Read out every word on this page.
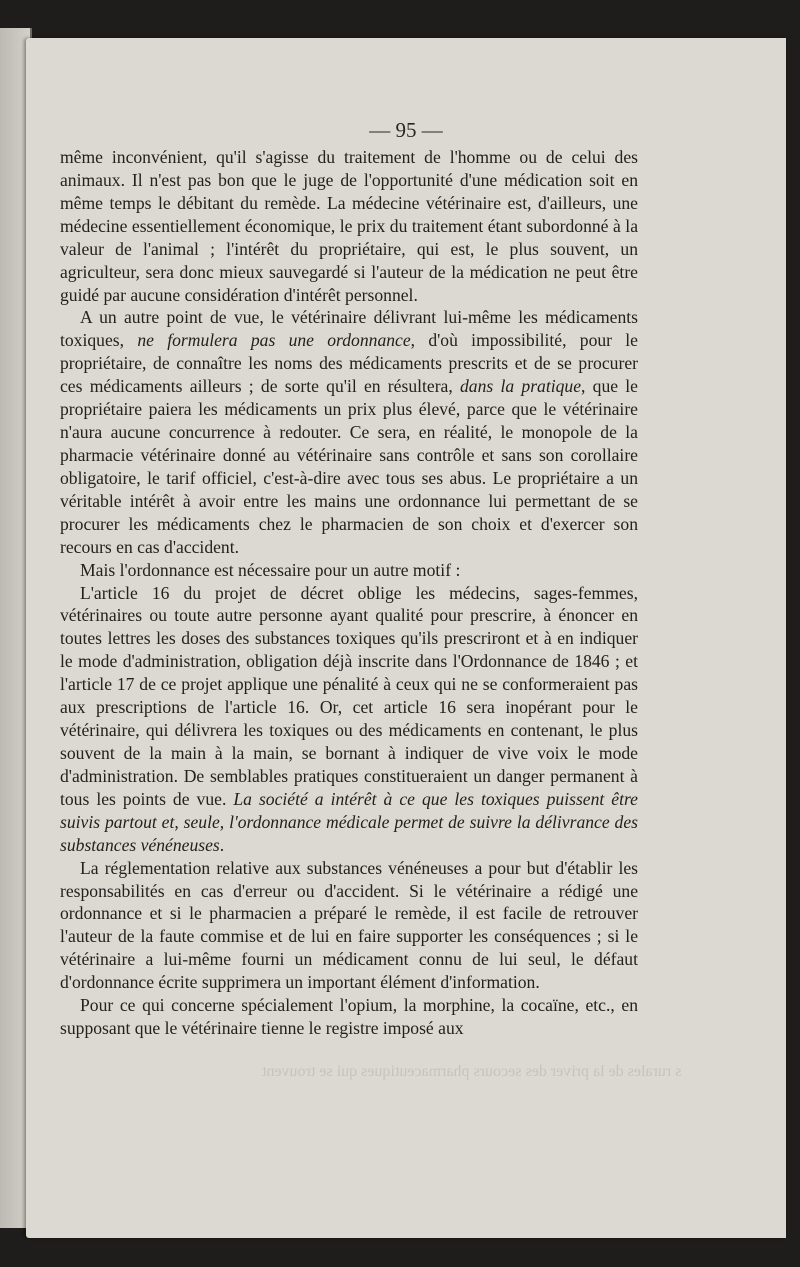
— 95 —
s rurales de la priver des secours pharmaceutiques qui se trouvent

même inconvénient, qu'il s'agisse du traitement de l'homme ou de celui des animaux. Il n'est pas bon que le juge de l'opportunité d'une médication soit en même temps le débitant du remède. La médecine vétérinaire est, d'ailleurs, une médecine essentiellement économique, le prix du traitement étant subordonné à la valeur de l'animal ; l'intérêt du propriétaire, qui est, le plus souvent, un agriculteur, sera donc mieux sauvegardé si l'auteur de la médication ne peut être guidé par aucune considération d'intérêt personnel.

A un autre point de vue, le vétérinaire délivrant lui-même les médicaments toxiques, ne formulera pas une ordonnance, d'où impossibilité, pour le propriétaire, de connaître les noms des médicaments prescrits et de se procurer ces médicaments ailleurs ; de sorte qu'il en résultera, dans la pratique, que le propriétaire paiera les médicaments un prix plus élevé, parce que le vétérinaire n'aura aucune concurrence à redouter. Ce sera, en réalité, le monopole de la pharmacie vétérinaire donné au vétérinaire sans contrôle et sans son corollaire obligatoire, le tarif officiel, c'est-à-dire avec tous ses abus. Le propriétaire a un véritable intérêt à avoir entre les mains une ordonnance lui permettant de se procurer les médicaments chez le pharmacien de son choix et d'exercer son recours en cas d'accident.

Mais l'ordonnance est nécessaire pour un autre motif :

L'article 16 du projet de décret oblige les médecins, sages-femmes, vétérinaires ou toute autre personne ayant qualité pour prescrire, à énoncer en toutes lettres les doses des substances toxiques qu'ils prescriront et à en indiquer le mode d'administration, obligation déjà inscrite dans l'Ordonnance de 1846 ; et l'article 17 de ce projet applique une pénalité à ceux qui ne se conformeraient pas aux prescriptions de l'article 16. Or, cet article 16 sera inopérant pour le vétérinaire, qui délivrera les toxiques ou des médicaments en contenant, le plus souvent de la main à la main, se bornant à indiquer de vive voix le mode d'administration. De semblables pratiques constitueraient un danger permanent à tous les points de vue. La société a intérêt à ce que les toxiques puissent être suivis partout et, seule, l'ordonnance médicale permet de suivre la délivrance des substances vénéneuses.

La réglementation relative aux substances vénéneuses a pour but d'établir les responsabilités en cas d'erreur ou d'accident. Si le vétérinaire a rédigé une ordonnance et si le pharmacien a préparé le remède, il est facile de retrouver l'auteur de la faute commise et de lui en faire supporter les conséquences ; si le vétérinaire a lui-même fourni un médicament connu de lui seul, le défaut d'ordonnance écrite supprimera un important élément d'information.

Pour ce qui concerne spécialement l'opium, la morphine, la cocaïne, etc., en supposant que le vétérinaire tienne le registre imposé aux
